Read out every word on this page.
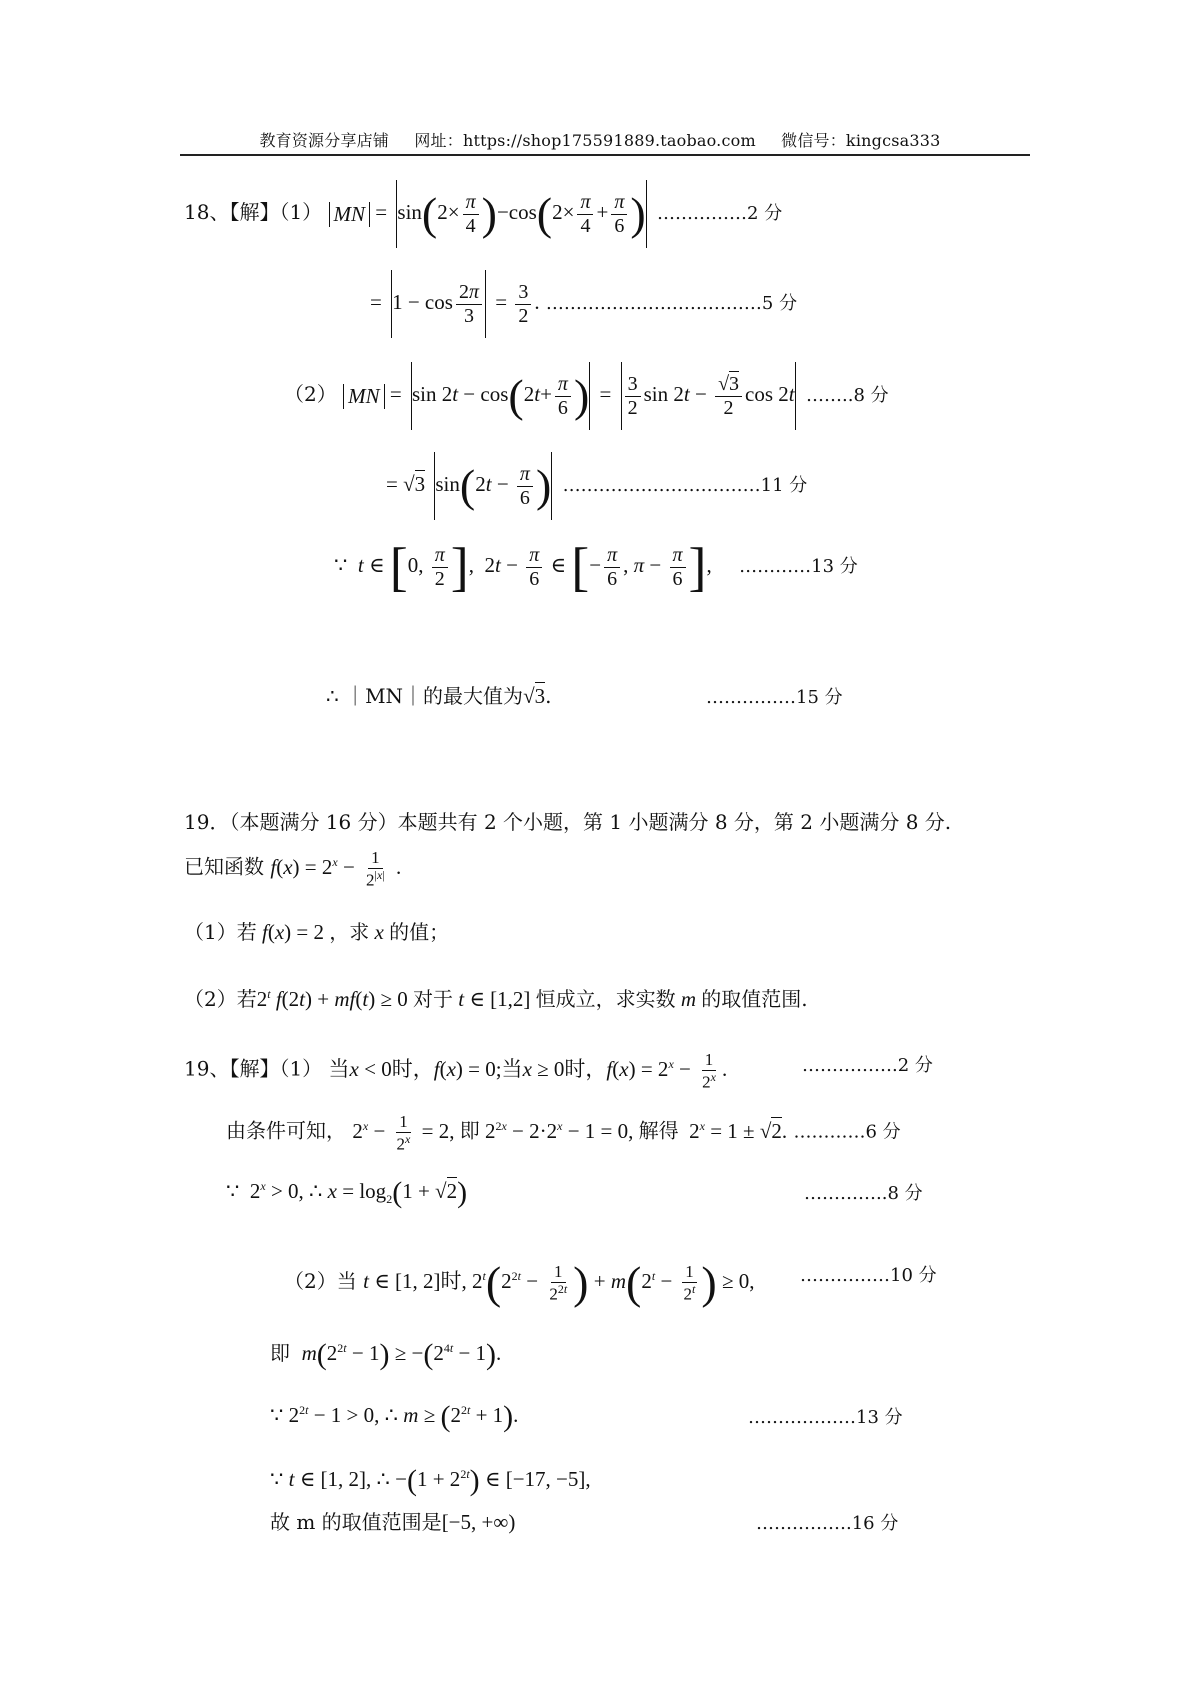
教育资源分享店铺 网址：https://shop175591889.taobao.com 微信号：kingcsa333
18、【解】（1） MN = $\sin(2\times \frac{\pi}{4} )-\cos(2\times \frac{\pi}{4} + \frac{\pi}{6}$ ) ……………2 分
= $1 - \cos \frac{2\pi}{3} = \frac{3}{2}$ . ………………………………5 分
（2） MN = $\sin 2t - \cos(2t+ \frac{\pi}{6}$ ) = $\frac{3}{2}$ $\sin 2t - \frac{√3}{2}$ cos 2t ……..8 分
= √3 $\sin(2t - \frac{\pi}{6}$ ) ……………………………11 分
∵  t ∈ [0, $\frac{\pi}{2}$ ],  $2t - \frac{\pi}{6}$ ∈ [− $\frac{\pi}{6}$ , $\pi - \frac{\pi}{6}$ ],     …………13 分
∴ ｜MN｜的最大值为√3.	……………15 分
19．（本题满分 16 分）本题共有 2 个小题，第 1 小题满分 8 分，第 2 小题满分 8 分.
已知函数 $f(x) = 2^x - \frac{1}{2^{|x|}}$ .
（1）若 f(x) = 2 ，求 x 的值；
（2）若2$^t$ f(2t) + mf(t) ≥ 0 对于 t ∈ [1,2] 恒成立，求实数 m 的取值范围.
19、【解】（1） 当x < 0时，f(x) = 0;当x ≥ 0时，$f(x) = 2^x - \frac{1}{2^x}$ .	…………….2 分
由条件可知， $2^x - \frac{1}{2^x} = 2$, 即 $2^{2x} - 2\cdot 2^x - 1 = 0$, 解得  $2^x = 1 \pm √2$. …………6 分
∵  $2^x > 0$, ∴ $x = \log_2(1 + √2)$	…………..8 分
（2）当 t ∈ [1, 2]时, $2^t(2^{2t} - \frac{1}{2^{2t}}$ ) + $m(2^t - \frac{1}{2^t}$ ) ≥ 0,	……………10 分
即 $m(2^{2t} - 1) \ge -(2^{4t} - 1)$.
∵ $2^{2t} - 1 > 0$, ∴ $m \ge (2^{2t} + 1)$.	………………13 分
∵ t ∈ [1, 2], ∴ $-(1 + 2^{2t})$ ∈ [−17, −5],
故 m 的取值范围是[−5, +∞)	…………….16 分
